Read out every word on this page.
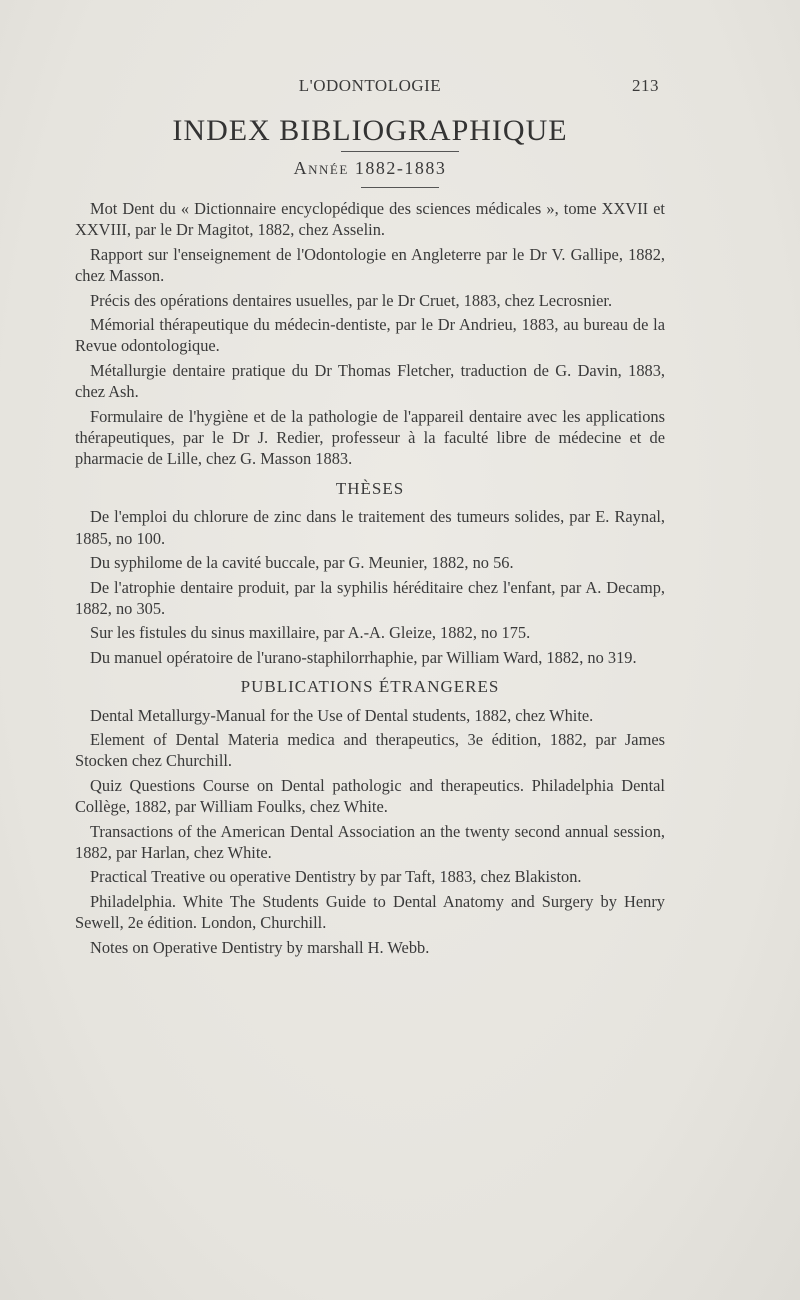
L'ODONTOLOGIE	213
INDEX BIBLIOGRAPHIQUE
Année 1882-1883

Mot Dent du « Dictionnaire encyclopédique des sciences médicales », tome XXVII et XXVIII, par le Dr Magitot, 1882, chez Asselin.

Rapport sur l'enseignement de l'Odontologie en Angleterre par le Dr V. Gallipe, 1882, chez Masson.

Précis des opérations dentaires usuelles, par le Dr Cruet, 1883, chez Lecrosnier.

Mémorial thérapeutique du médecin-dentiste, par le Dr Andrieu, 1883, au bureau de la Revue odontologique.

Métallurgie dentaire pratique du Dr Thomas Fletcher, traduction de G. Davin, 1883, chez Ash.

Formulaire de l'hygiène et de la pathologie de l'appareil dentaire avec les applications thérapeutiques, par le Dr J. Redier, professeur à la faculté libre de médecine et de pharmacie de Lille, chez G. Masson 1883.

THÈSES

De l'emploi du chlorure de zinc dans le traitement des tumeurs solides, par E. Raynal, 1885, no 100.

Du syphilome de la cavité buccale, par G. Meunier, 1882, no 56.

De l'atrophie dentaire produit, par la syphilis héréditaire chez l'enfant, par A. Decamp, 1882, no 305.

Sur les fistules du sinus maxillaire, par A.-A. Gleize, 1882, no 175.

Du manuel opératoire de l'urano-staphilorrhaphie, par William Ward, 1882, no 319.

PUBLICATIONS ÉTRANGERES

Dental Metallurgy-Manual for the Use of Dental students, 1882, chez White.

Element of Dental Materia medica and therapeutics, 3e édition, 1882, par James Stocken chez Churchill.

Quiz Questions Course on Dental pathologic and therapeutics. Philadelphia Dental Collège, 1882, par William Foulks, chez White.

Transactions of the American Dental Association an the twenty second annual session, 1882, par Harlan, chez White.

Practical Treative ou operative Dentistry by par Taft, 1883, chez Blakiston.

Philadelphia. White The Students Guide to Dental Anatomy and Surgery by Henry Sewell, 2e édition. London, Churchill.

Notes on Operative Dentistry by marshall H. Webb.
